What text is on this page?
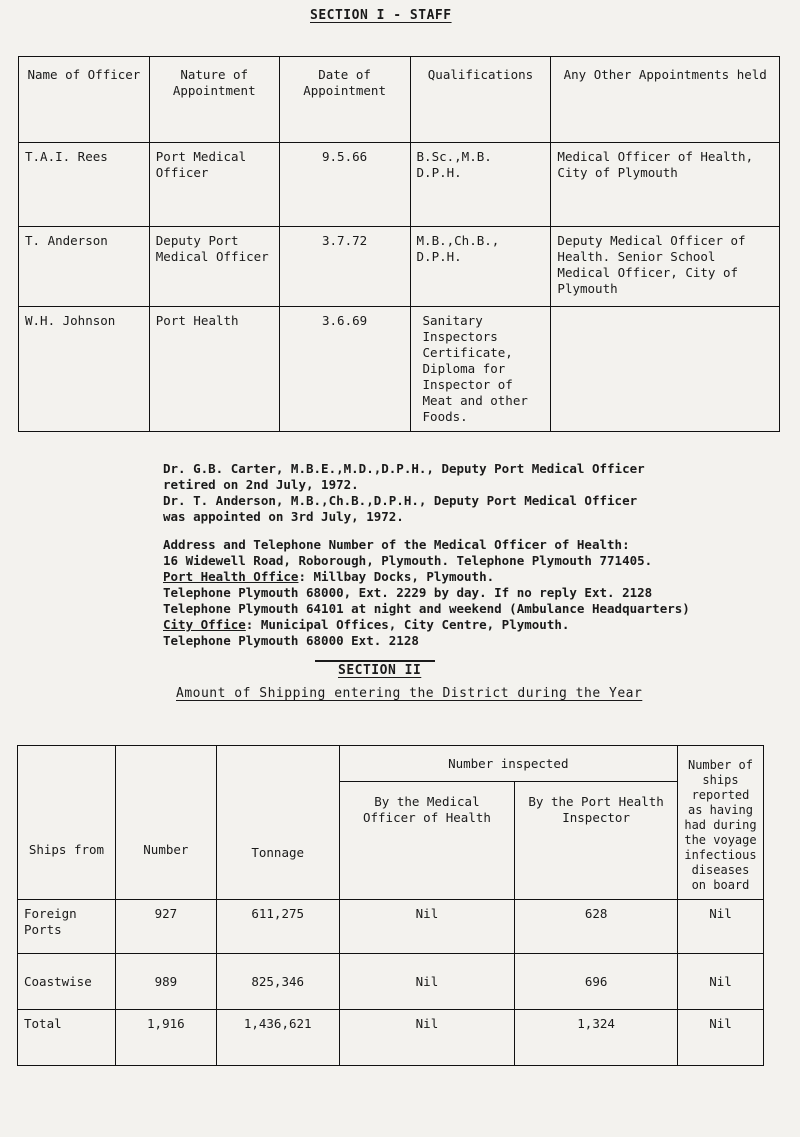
SECTION I - STAFF
Name of Officer	Nature of Appointment	Date of Appointment	Qualifications	Any Other Appointments held
T.A.I. Rees	Port Medical Officer	9.5.66	B.Sc.,M.B. D.P.H.	Medical Officer of Health, City of Plymouth
T. Anderson	Deputy Port Medical Officer	3.7.72	M.B.,Ch.B., D.P.H.	Deputy Medical Officer of Health. Senior School Medical Officer, City of Plymouth
W.H. Johnson	Port Health	3.6.69	Sanitary Inspectors Certificate, Diploma for Inspector of Meat and other Foods.	
Dr. G.B. Carter, M.B.E.,M.D.,D.P.H., Deputy Port Medical Officer
retired on 2nd July, 1972.
Dr. T. Anderson, M.B.,Ch.B.,D.P.H., Deputy Port Medical Officer
was appointed on 3rd July, 1972.
Address and Telephone Number of the Medical Officer of Health:
16 Widewell Road, Roborough, Plymouth. Telephone Plymouth 771405.
Port Health Office: Millbay Docks, Plymouth.
Telephone Plymouth 68000, Ext. 2229 by day. If no reply Ext. 2128
Telephone Plymouth 64101 at night and weekend (Ambulance Headquarters)
City Office: Municipal Offices, City Centre, Plymouth.
Telephone Plymouth 68000 Ext. 2128
SECTION II
Amount of Shipping entering the District during the Year
Ships from	Number	Tonnage	Number inspected		Number of ships reported as having had during the voyage infectious diseases on board
			By the Medical Officer of Health	By the Port Health Inspector	
Foreign Ports	927	611,275	Nil	628	Nil
Coastwise	989	825,346	Nil	696	Nil
Total	1,916	1,436,621	Nil	1,324	Nil
